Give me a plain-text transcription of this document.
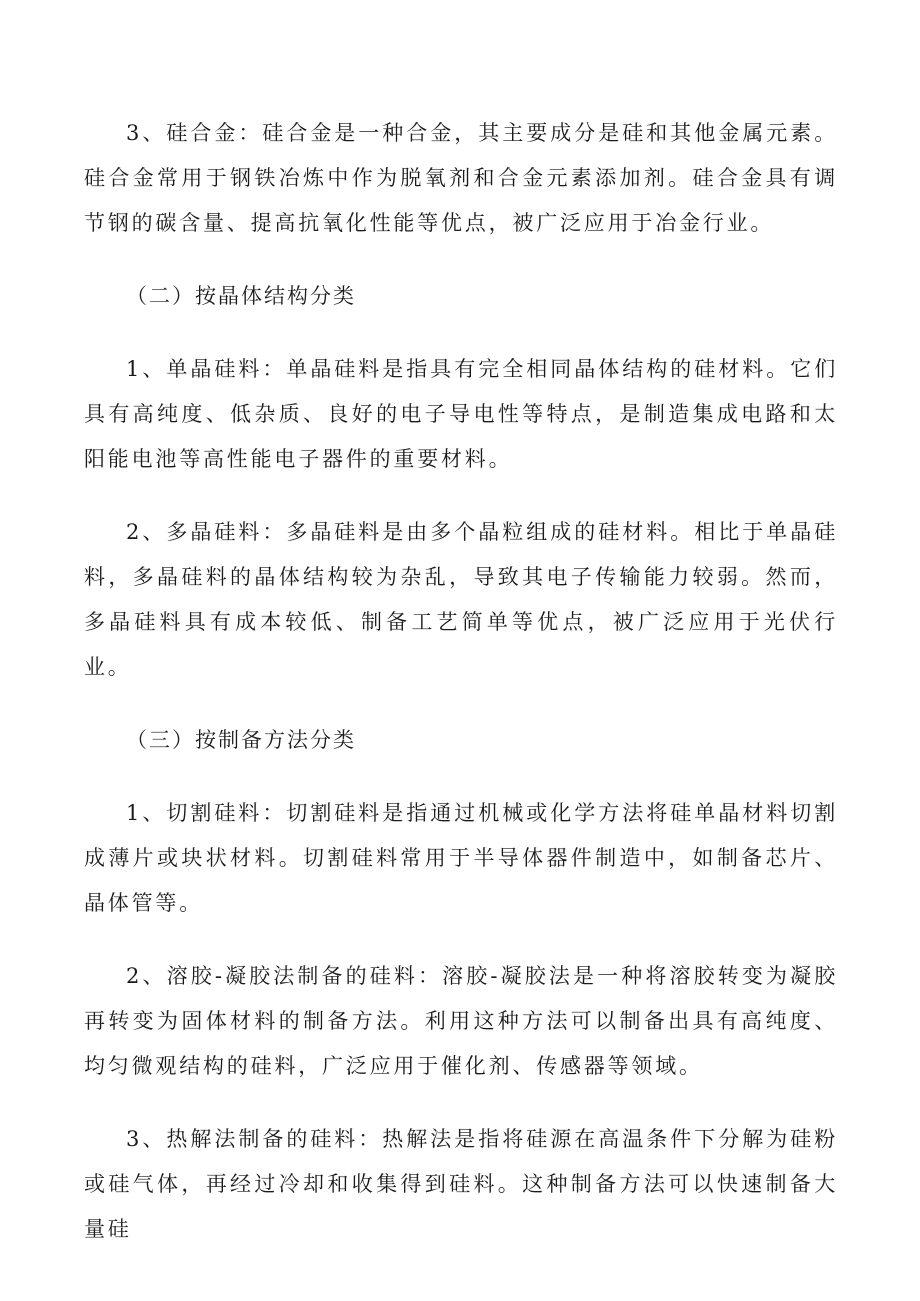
3、硅合金：硅合金是一种合金，其主要成分是硅和其他金属元素。硅合金常用于钢铁冶炼中作为脱氧剂和合金元素添加剂。硅合金具有调节钢的碳含量、提高抗氧化性能等优点，被广泛应用于冶金行业。

（二）按晶体结构分类

1、单晶硅料：单晶硅料是指具有完全相同晶体结构的硅材料。它们具有高纯度、低杂质、良好的电子导电性等特点，是制造集成电路和太阳能电池等高性能电子器件的重要材料。

2、多晶硅料：多晶硅料是由多个晶粒组成的硅材料。相比于单晶硅料，多晶硅料的晶体结构较为杂乱，导致其电子传输能力较弱。然而，多晶硅料具有成本较低、制备工艺简单等优点，被广泛应用于光伏行业。

（三）按制备方法分类

1、切割硅料：切割硅料是指通过机械或化学方法将硅单晶材料切割成薄片或块状材料。切割硅料常用于半导体器件制造中，如制备芯片、晶体管等。

2、溶胶-凝胶法制备的硅料：溶胶-凝胶法是一种将溶胶转变为凝胶再转变为固体材料的制备方法。利用这种方法可以制备出具有高纯度、均匀微观结构的硅料，广泛应用于催化剂、传感器等领域。

3、热解法制备的硅料：热解法是指将硅源在高温条件下分解为硅粉或硅气体，再经过冷却和收集得到硅料。这种制备方法可以快速制备大量硅
